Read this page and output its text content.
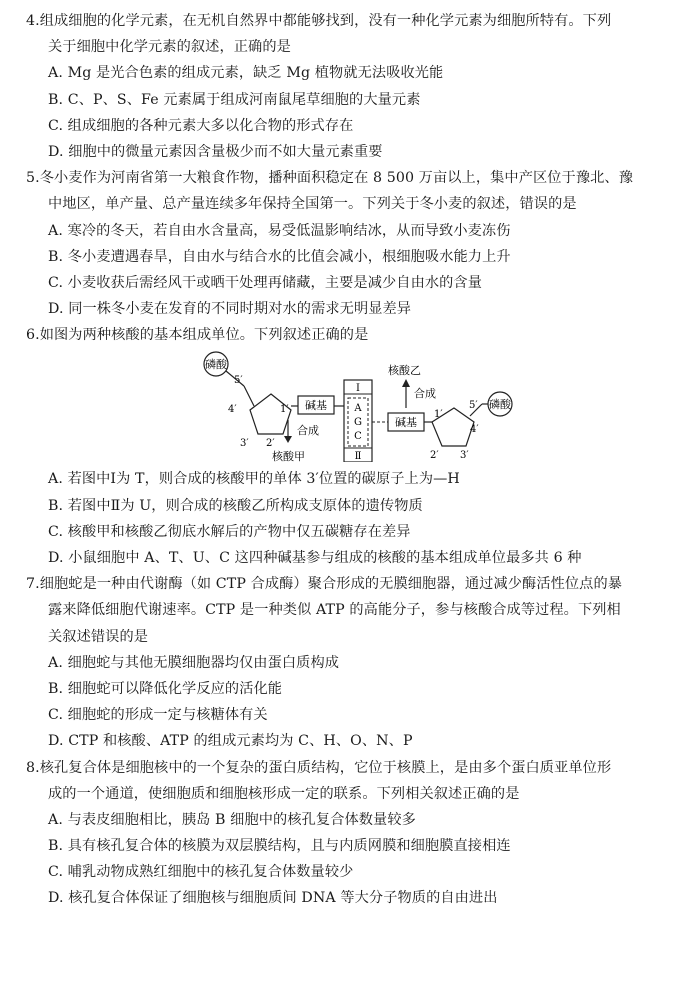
4.组成细胞的化学元素，在无机自然界中都能够找到，没有一种化学元素为细胞所特有。下列
关于细胞中化学元素的叙述，正确的是
A. Mg 是光合色素的组成元素，缺乏 Mg 植物就无法吸收光能
B. C、P、S、Fe 元素属于组成河南鼠尾草细胞的大量元素
C. 组成细胞的各种元素大多以化合物的形式存在
D. 细胞中的微量元素因含量极少而不如大量元素重要
5.冬小麦作为河南省第一大粮食作物，播种面积稳定在 8 500 万亩以上，集中产区位于豫北、豫
中地区，单产量、总产量连续多年保持全国第一。下列关于冬小麦的叙述，错误的是
A. 寒冷的冬天，若自由水含量高，易受低温影响结冰，从而导致小麦冻伤
B. 冬小麦遭遇春旱，自由水与结合水的比值会减小，根细胞吸水能力上升
C. 小麦收获后需经风干或晒干处理再储藏，主要是减少自由水的含量
D. 同一株冬小麦在发育的不同时期对水的需求无明显差异
6.如图为两种核酸的基本组成单位。下列叙述正确的是
磷酸
5′
4′
3′ 2′
1′ 碱基
合成
核酸甲
Ⅰ
A
G
C
Ⅱ
碱基
1′
2′ 3′
4′
5′ 磷酸
合成
核酸乙
A. 若图中Ⅰ为 T，则合成的核酸甲的单体 3′位置的碳原子上为—H
B. 若图中Ⅱ为 U，则合成的核酸乙所构成支原体的遗传物质
C. 核酸甲和核酸乙彻底水解后的产物中仅五碳糖存在差异
D. 小鼠细胞中 A、T、U、C 这四种碱基参与组成的核酸的基本组成单位最多共 6 种
7.细胞蛇是一种由代谢酶（如 CTP 合成酶）聚合形成的无膜细胞器，通过减少酶活性位点的暴
露来降低细胞代谢速率。CTP 是一种类似 ATP 的高能分子，参与核酸合成等过程。下列相
关叙述错误的是
A. 细胞蛇与其他无膜细胞器均仅由蛋白质构成
B. 细胞蛇可以降低化学反应的活化能
C. 细胞蛇的形成一定与核糖体有关
D. CTP 和核酸、ATP 的组成元素均为 C、H、O、N、P
8.核孔复合体是细胞核中的一个复杂的蛋白质结构，它位于核膜上，是由多个蛋白质亚单位形
成的一个通道，使细胞质和细胞核形成一定的联系。下列相关叙述正确的是
A. 与表皮细胞相比，胰岛 B 细胞中的核孔复合体数量较多
B. 具有核孔复合体的核膜为双层膜结构，且与内质网膜和细胞膜直接相连
C. 哺乳动物成熟红细胞中的核孔复合体数量较少
D. 核孔复合体保证了细胞核与细胞质间 DNA 等大分子物质的自由进出
